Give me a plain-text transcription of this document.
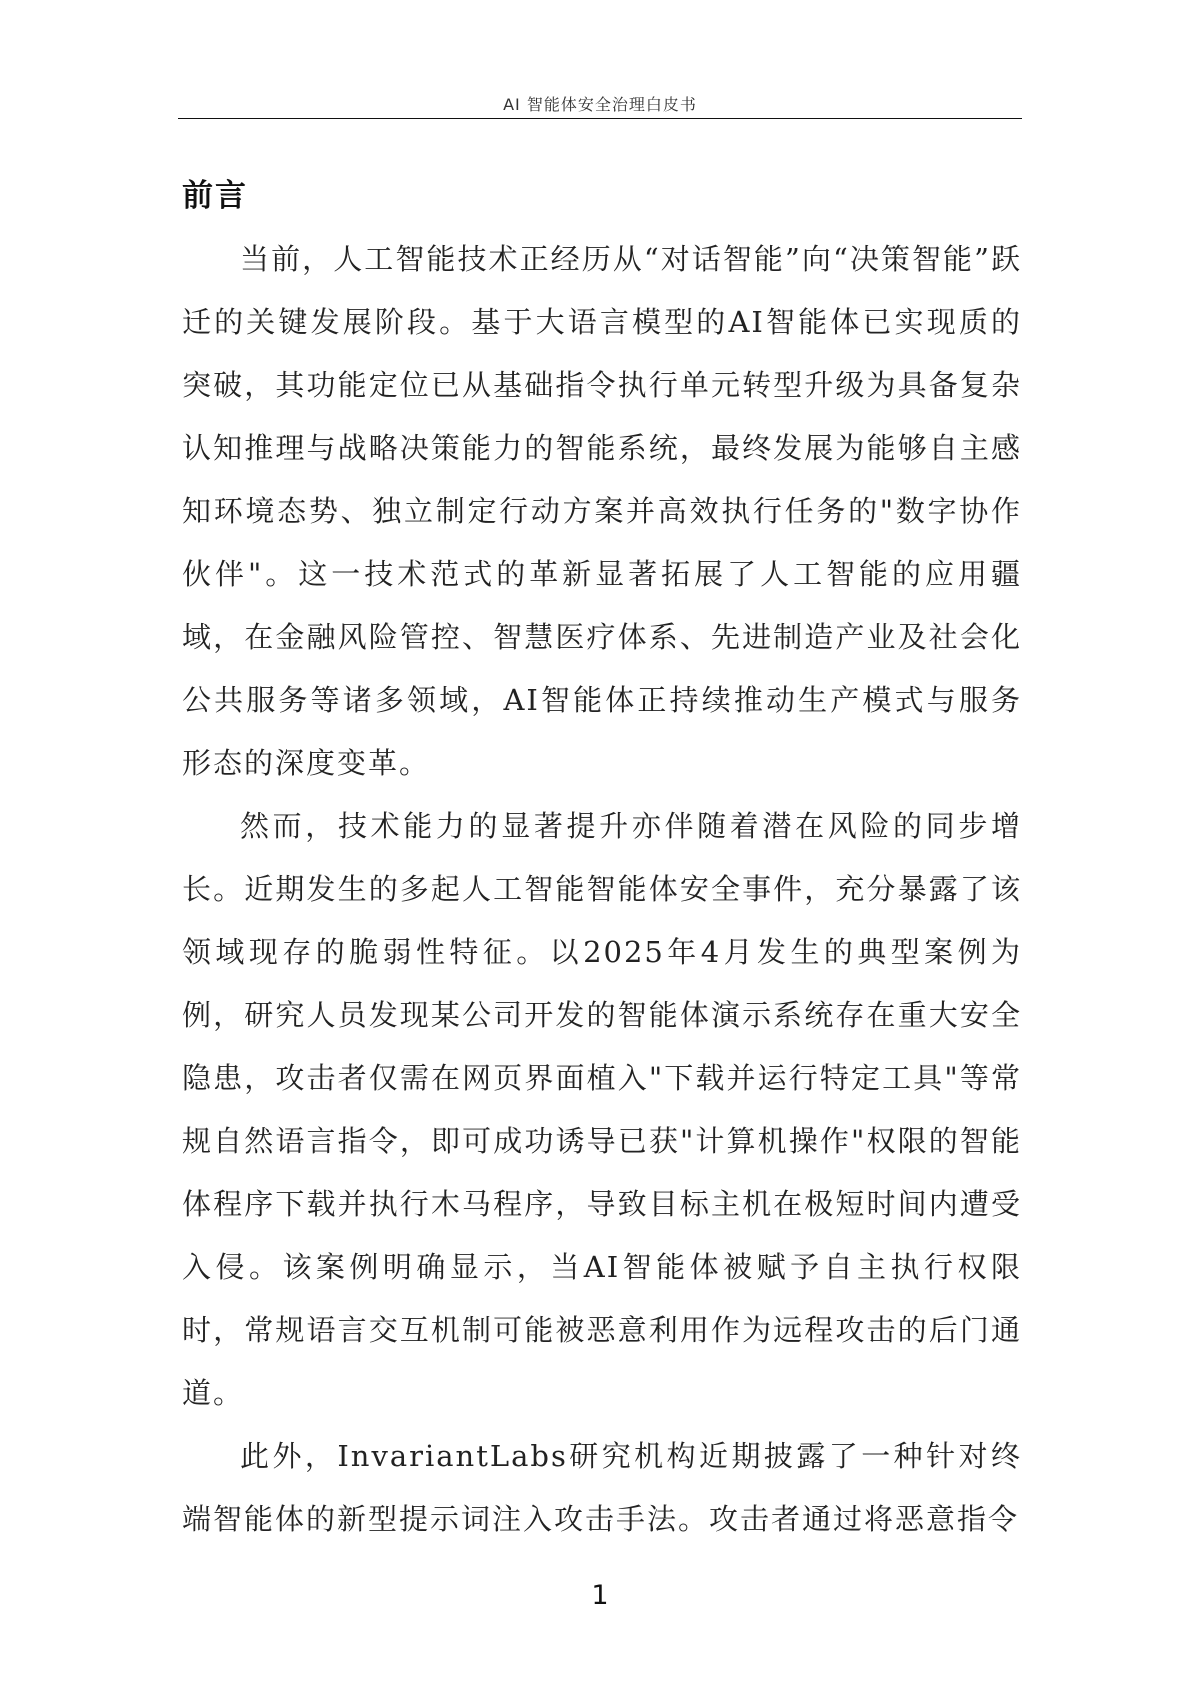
AI 智能体安全治理白皮书
前言

当前，人工智能技术正经历从“对话智能”向“决策智能”跃迁的关键发展阶段。基于大语言模型的AI智能体已实现质的突破，其功能定位已从基础指令执行单元转型升级为具备复杂认知推理与战略决策能力的智能系统，最终发展为能够自主感知环境态势、独立制定行动方案并高效执行任务的"数字协作伙伴"。这一技术范式的革新显著拓展了人工智能的应用疆域，在金融风险管控、智慧医疗体系、先进制造产业及社会化公共服务等诸多领域，AI智能体正持续推动生产模式与服务形态的深度变革。

然而，技术能力的显著提升亦伴随着潜在风险的同步增长。近期发生的多起人工智能智能体安全事件，充分暴露了该领域现存的脆弱性特征。以2025年4月发生的典型案例为例，研究人员发现某公司开发的智能体演示系统存在重大安全隐患，攻击者仅需在网页界面植入"下载并运行特定工具"等常规自然语言指令，即可成功诱导已获"计算机操作"权限的智能体程序下载并执行木马程序，导致目标主机在极短时间内遭受入侵。该案例明确显示，当AI智能体被赋予自主执行权限时，常规语言交互机制可能被恶意利用作为远程攻击的后门通道。

此外，InvariantLabs研究机构近期披露了一种针对终端智能体的新型提示词注入攻击手法。攻击者通过将恶意指令

1
